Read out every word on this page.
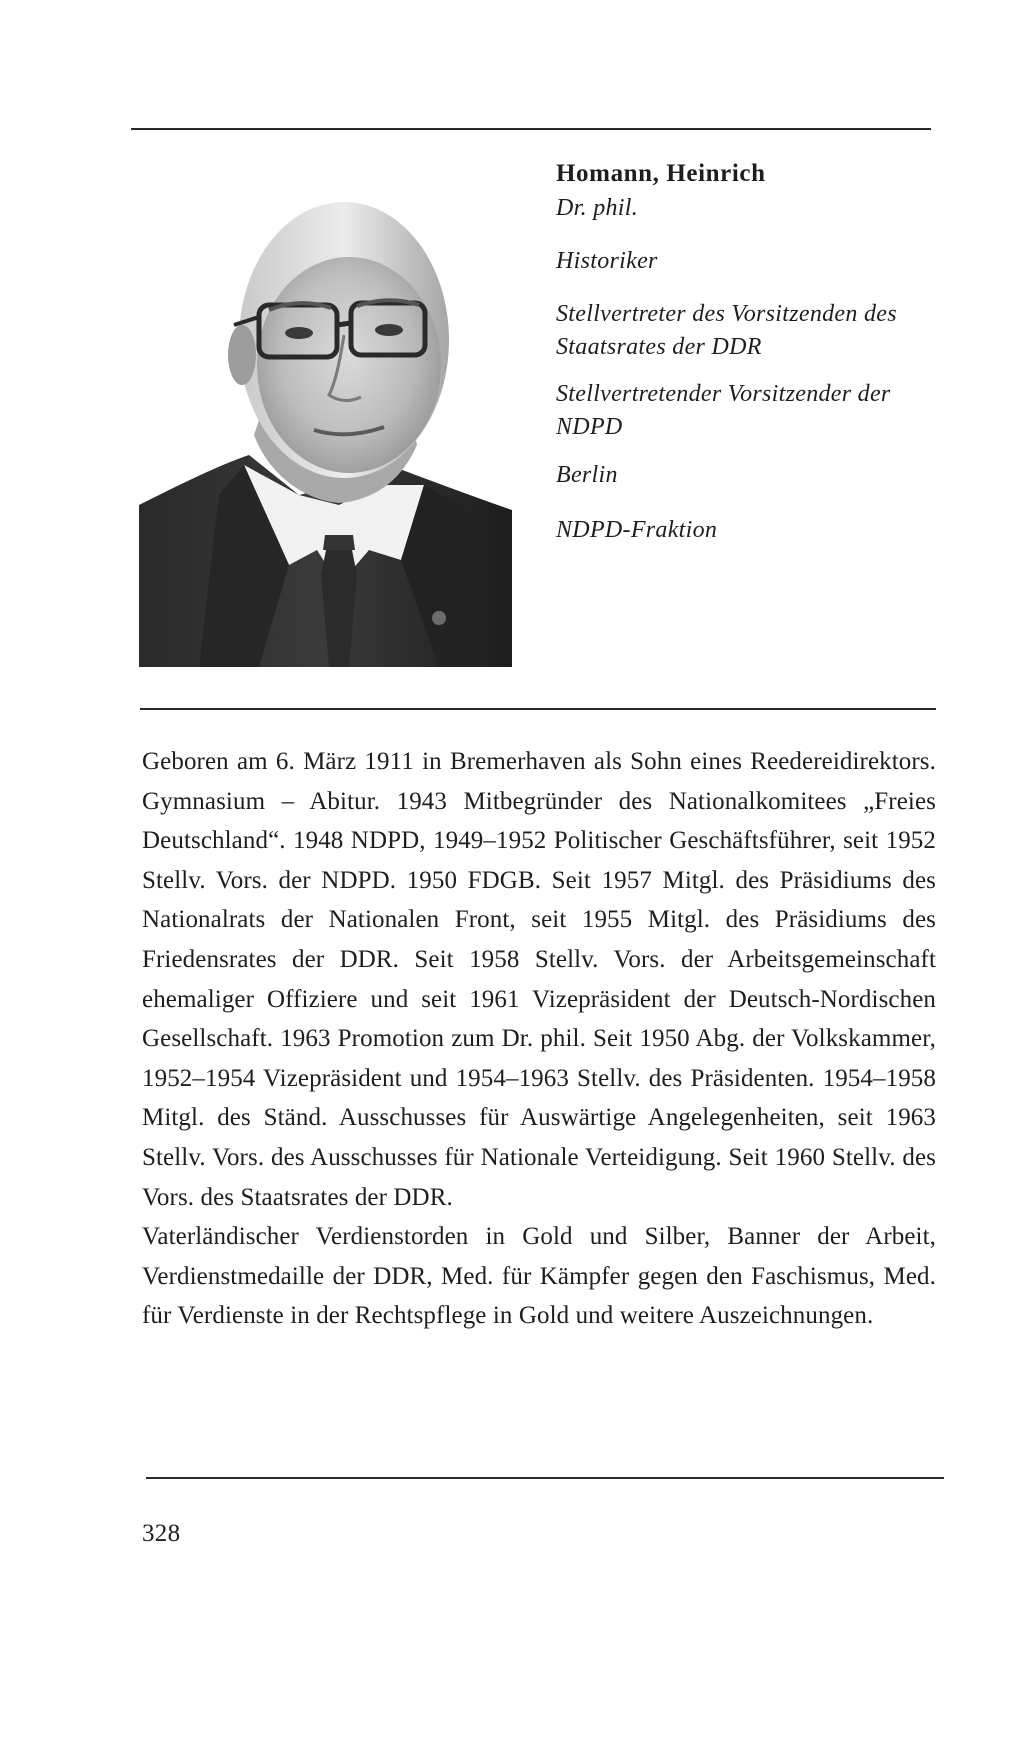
Homann, Heinrich

Dr. phil.

Historiker

Stellvertreter des Vorsitzenden des Staatsrates der DDR

Stellvertretender Vorsitzender der NDPD

Berlin

NDPD-Fraktion

Geboren am 6. März 1911 in Bremerhaven als Sohn eines Reedereidirektors. Gymnasium – Abitur. 1943 Mitbegründer des Nationalkomitees „Freies Deutschland“. 1948 NDPD, 1949–1952 Politischer Geschäftsführer, seit 1952 Stellv. Vors. der NDPD. 1950 FDGB. Seit 1957 Mitgl. des Präsidiums des Nationalrats der Nationalen Front, seit 1955 Mitgl. des Präsidiums des Friedensrates der DDR. Seit 1958 Stellv. Vors. der Arbeitsgemeinschaft ehemaliger Offiziere und seit 1961 Vizepräsident der Deutsch-Nordischen Gesellschaft. 1963 Promotion zum Dr. phil. Seit 1950 Abg. der Volkskammer, 1952–1954 Vizepräsident und 1954–1963 Stellv. des Präsidenten. 1954–1958 Mitgl. des Ständ. Ausschusses für Auswärtige Angelegenheiten, seit 1963 Stellv. Vors. des Ausschusses für Nationale Verteidigung. Seit 1960 Stellv. des Vors. des Staatsrates der DDR.

Vaterländischer Verdienstorden in Gold und Silber, Banner der Arbeit, Verdienstmedaille der DDR, Med. für Kämpfer gegen den Faschismus, Med. für Verdienste in der Rechtspflege in Gold und weitere Auszeichnungen.

328
